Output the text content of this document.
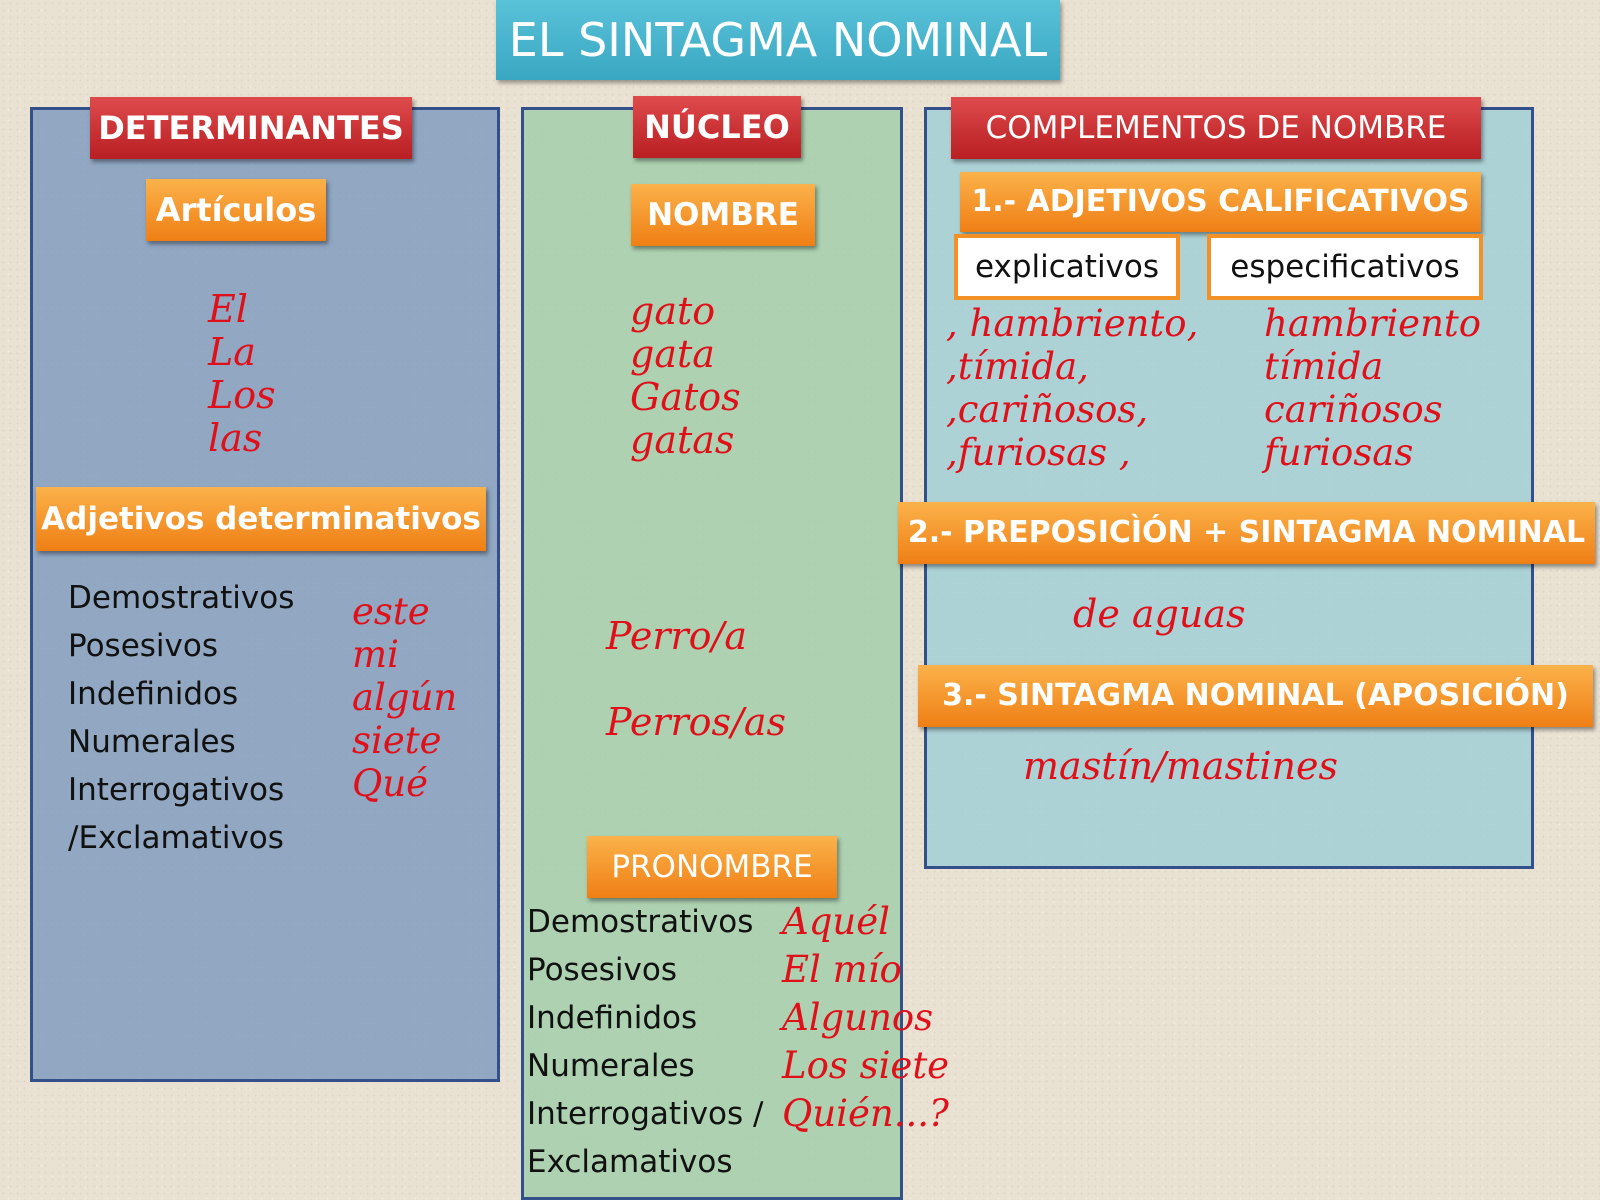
EL SINTAGMA NOMINAL
DETERMINANTES
Artículos
El
La
Los
las
Adjetivos determinativos
Demostrativos
Posesivos
Indefinidos
Numerales
Interrogativos
/Exclamativos
este
mi
algún
siete
Qué
NÚCLEO
NOMBRE
gato
gata
Gatos
gatas
Perro/a
Perros/as
PRONOMBRE
Demostrativos
Posesivos
Indefinidos
Numerales
Interrogativos /
Exclamativos
Aquél
El mío
Algunos
Los siete
Quién...?
COMPLEMENTOS DE NOMBRE
1.- ADJETIVOS CALIFICATIVOS
explicativos	especificativos
, hambriento,
,tímida,
,cariñosos,
,furiosas ,
hambriento
tímida
cariñosos
furiosas
2.- PREPOSICÌÓN + SINTAGMA NOMINAL
de aguas
3.- SINTAGMA NOMINAL (APOSICIÓN)
mastín/mastines
